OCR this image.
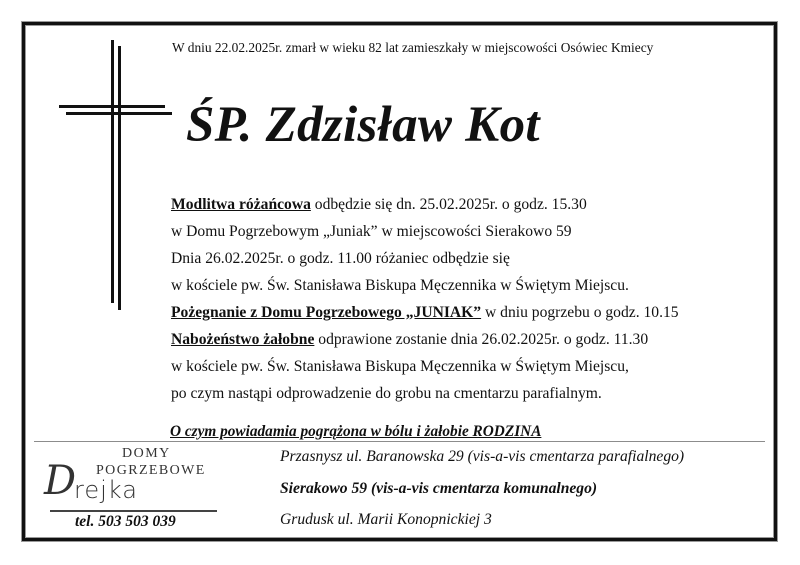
W dniu 22.02.2025r. zmarł w wieku 82 lat zamieszkały w miejscowości Osówiec Kmiecy
ŚP. Zdzisław Kot
Modlitwa różańcowa odbędzie się dn. 25.02.2025r. o godz. 15.30
w Domu Pogrzebowym „Juniak” w miejscowości Sierakowo 59
Dnia 26.02.2025r. o godz. 11.00 różaniec odbędzie się
w kościele pw. Św. Stanisława Biskupa Męczennika w Świętym Miejscu.
Pożegnanie z Domu Pogrzebowego „JUNIAK” w dniu pogrzebu o godz. 10.15
Nabożeństwo żałobne odprawione zostanie dnia 26.02.2025r. o godz. 11.30
w kościele pw. Św. Stanisława Biskupa Męczennika w Świętym Miejscu,
po czym nastąpi odprowadzenie do grobu na cmentarzu parafialnym.
O czym powiadamia pogrążona w bólu i żałobie RODZINA
DOMY
POGRZEBOWE
D
rejka
tel. 503 503 039
Przasnysz ul. Baranowska 29 (vis-a-vis cmentarza parafialnego)
Sierakowo 59 (vis-a-vis cmentarza komunalnego)
Grudusk ul. Marii Konopnickiej 3
